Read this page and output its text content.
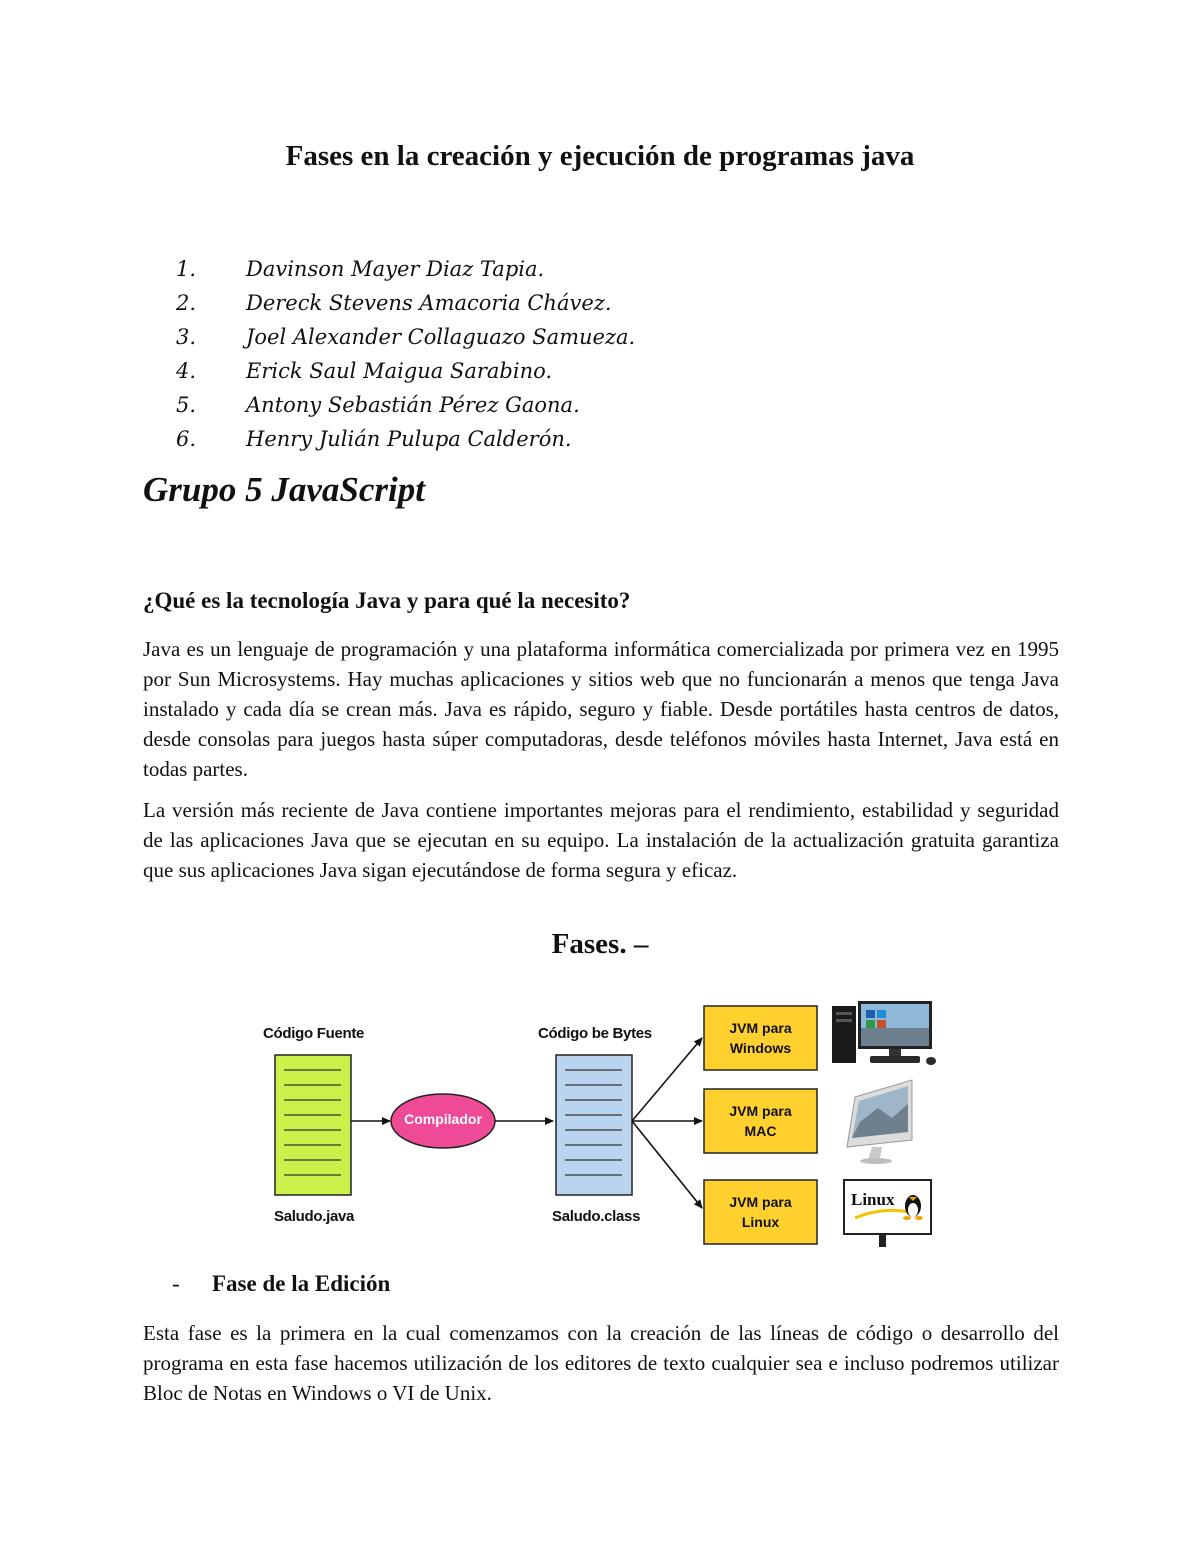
Fases en la creación y ejecución de programas java
1. Davinson Mayer Diaz Tapia.
2. Dereck Stevens Amacoria Chávez.
3. Joel Alexander Collaguazo Samueza.
4. Erick Saul Maigua Sarabino.
5. Antony Sebastián Pérez Gaona.
6. Henry Julián Pulupa Calderón.
Grupo 5 JavaScript
¿Qué es la tecnología Java y para qué la necesito?

Java es un lenguaje de programación y una plataforma informática comercializada por primera vez en 1995 por Sun Microsystems. Hay muchas aplicaciones y sitios web que no funcionarán a menos que tenga Java instalado y cada día se crean más. Java es rápido, seguro y fiable. Desde portátiles hasta centros de datos, desde consolas para juegos hasta súper computadoras, desde teléfonos móviles hasta Internet, Java está en todas partes.

La versión más reciente de Java contiene importantes mejoras para el rendimiento, estabilidad y seguridad de las aplicaciones Java que se ejecutan en su equipo. La instalación de la actualización gratuita garantiza que sus aplicaciones Java sigan ejecutándose de forma segura y eficaz.

Fases. –
Código Fuente
Saludo.java
Compilador
Código be Bytes
Saludo.class
JVM para
Windows
JVM para
MAC
JVM para
Linux
Linux
- Fase de la Edición

Esta fase es la primera en la cual comenzamos con la creación de las líneas de código o desarrollo del programa en esta fase hacemos utilización de los editores de texto cualquier sea e incluso podremos utilizar Bloc de Notas en Windows o VI de Unix.
